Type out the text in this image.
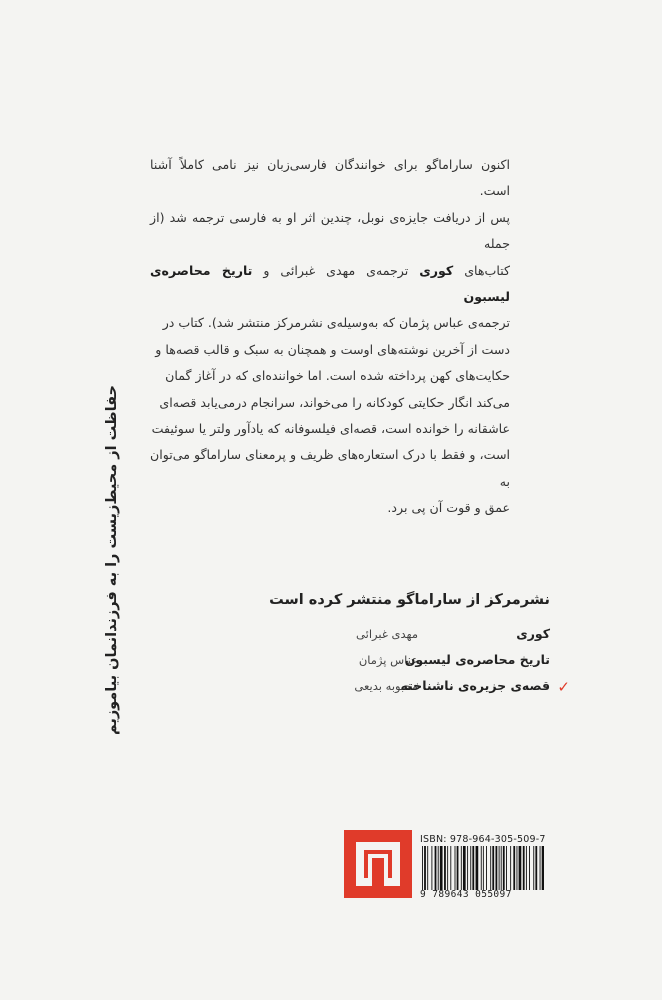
اکنون ساراماگو برای خوانندگان فارسی‌زبان نیز نامی کاملاً آشنا است.
پس از دریافت جایزه‌ی نوبل، چندین اثر او به فارسی ترجمه شد (از جمله
کتاب‌های کوری ترجمه‌ی مهدی غبرائی و تاریخ محاصره‌ی لیسبون
ترجمه‌ی عباس پژمان که به‌وسیله‌ی نشرمرکز منتشر شد). کتاب در
دست از آخرین نوشته‌های اوست و همچنان به سبک و قالب قصه‌ها و
حکایت‌های کهن پرداخته شده است. اما خواننده‌ای که در آغاز گمان
می‌کند انگار حکایتی کودکانه را می‌خواند، سرانجام درمی‌یابد قصه‌ای
عاشقانه را خوانده است، قصه‌ای فیلسوفانه که یادآور ولتر یا سوئیفت
است، و فقط با درک استعاره‌های ظریف و پرمعنای ساراماگو می‌توان به
عمق و قوت آن پی برد.
حفاظت از محیط‌زیست را به فرزندانمان بیاموزیم	نشرمرکز از ساراماگو منتشر کرده است
کوری مهدی غبرائی
تاریخ محاصره‌ی لیسبون عباس پژمان
✓
قصه‌ی جزیره‌ی ناشناخته محبوبه بدیعی
ISBN: 978-964-305-509-7
9 789643 055097
